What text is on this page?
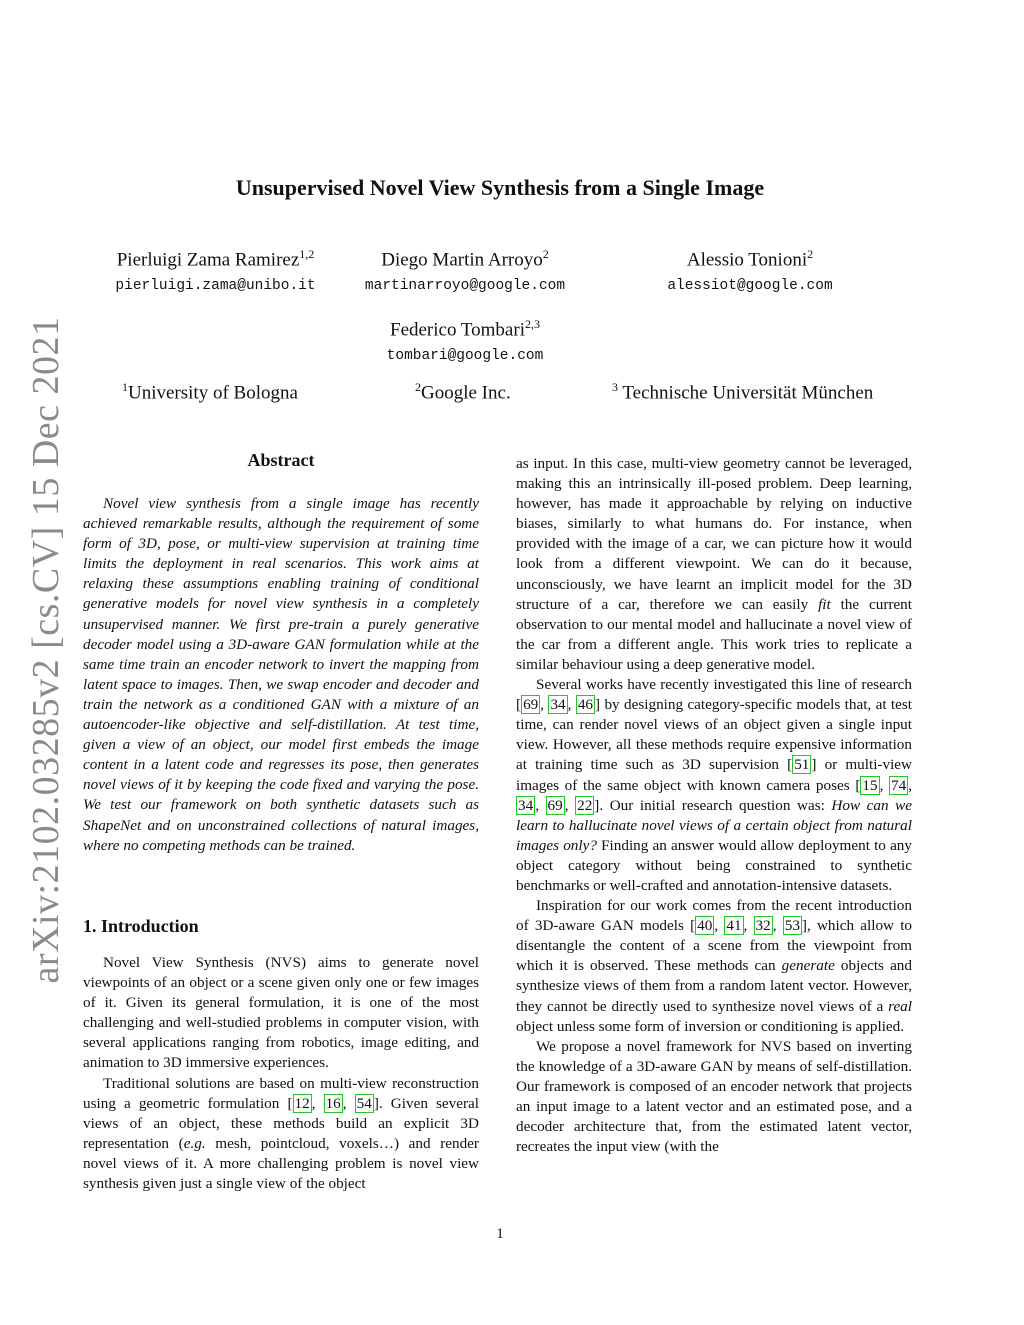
arXiv:2102.03285v2 [cs.CV] 15 Dec 2021
Unsupervised Novel View Synthesis from a Single Image
Pierluigi Zama Ramirez$^{1,2}$
pierluigi.zama@unibo.it
Diego Martin Arroyo$^2$
martinarroyo@google.com
Alessio Tonioni$^2$
alessiot@google.com
Federico Tombari$^{2,3}$
tombari@google.com
$^1$University of Bologna	$^2$Google Inc.	$^3$ Technische Universität München
Abstract

Novel view synthesis from a single image has recently achieved remarkable results, although the requirement of some form of 3D, pose, or multi-view supervision at training time limits the deployment in real scenarios. This work aims at relaxing these assumptions enabling training of conditional generative models for novel view synthesis in a completely unsupervised manner. We first pre-train a purely generative decoder model using a 3D-aware GAN formulation while at the same time train an encoder network to invert the mapping from latent space to images. Then, we swap encoder and decoder and train the network as a conditioned GAN with a mixture of an autoencoder-like objective and self-distillation. At test time, given a view of an object, our model first embeds the image content in a latent code and regresses its pose, then generates novel views of it by keeping the code fixed and varying the pose. We test our framework on both synthetic datasets such as ShapeNet and on unconstrained collections of natural images, where no competing methods can be trained.

1. Introduction

Novel View Synthesis (NVS) aims to generate novel viewpoints of an object or a scene given only one or few images of it. Given its general formulation, it is one of the most challenging and well-studied problems in computer vision, with several applications ranging from robotics, image editing, and animation to 3D immersive experiences.

Traditional solutions are based on multi-view reconstruction using a geometric formulation [ 12 , 16 , 54 ]. Given several views of an object, these methods build an explicit 3D representation (e.g. mesh, pointcloud, voxels…) and render novel views of it. A more challenging problem is novel view synthesis given just a single view of the object

as input. In this case, multi-view geometry cannot be leveraged, making this an intrinsically ill-posed problem. Deep learning, however, has made it approachable by relying on inductive biases, similarly to what humans do. For instance, when provided with the image of a car, we can picture how it would look from a different viewpoint. We can do it because, unconsciously, we have learnt an implicit model for the 3D structure of a car, therefore we can easily fit the current observation to our mental model and hallucinate a novel view of the car from a different angle. This work tries to replicate a similar behaviour using a deep generative model.

Several works have recently investigated this line of research [ 69 , 34 , 46 ] by designing category-specific models that, at test time, can render novel views of an object given a single input view. However, all these methods require expensive information at training time such as 3D supervision [ 51 ] or multi-view images of the same object with known camera poses [ 15 , 74 , 34 , 69 , 22 ]. Our initial research question was: How can we learn to hallucinate novel views of a certain object from natural images only? Finding an answer would allow deployment to any object category without being constrained to synthetic benchmarks or well-crafted and annotation-intensive datasets.

Inspiration for our work comes from the recent introduction of 3D-aware GAN models [ 40 , 41 , 32 , 53 ], which allow to disentangle the content of a scene from the viewpoint from which it is observed. These methods can generate objects and synthesize views of them from a random latent vector. However, they cannot be directly used to synthesize novel views of a real object unless some form of inversion or conditioning is applied.

We propose a novel framework for NVS based on inverting the knowledge of a 3D-aware GAN by means of self-distillation. Our framework is composed of an encoder network that projects an input image to a latent vector and an estimated pose, and a decoder architecture that, from the estimated latent vector, recreates the input view (with the

1
